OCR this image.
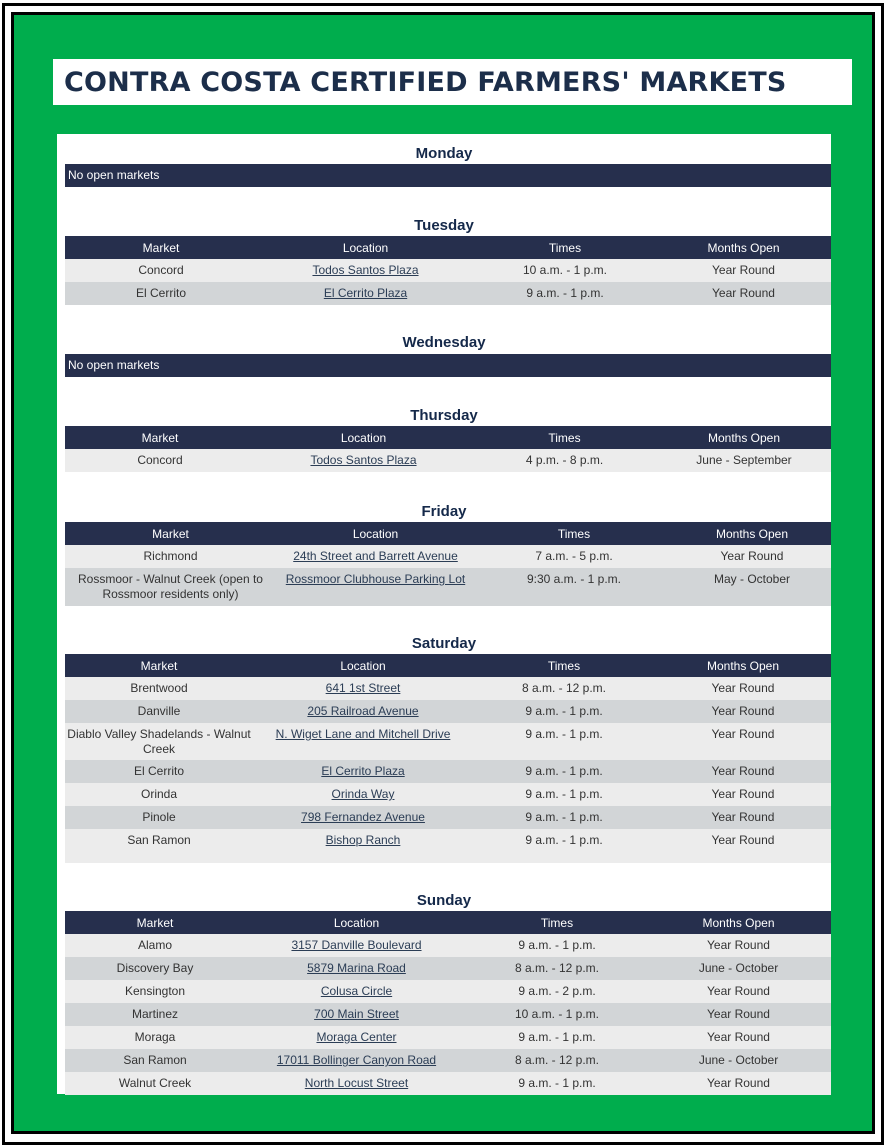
CONTRA COSTA CERTIFIED FARMERS' MARKETS
Monday
No open markets
Tuesday
Market	Location	Times	Months Open
Concord	Todos Santos Plaza	10 a.m. - 1 p.m.	Year Round
El Cerrito	El Cerrito Plaza	9 a.m. - 1 p.m.	Year Round
Wednesday
No open markets
Thursday
Market	Location	Times	Months Open
Concord	Todos Santos Plaza	4 p.m. - 8 p.m.	June - September
Friday
Market	Location	Times	Months Open
Richmond	24th Street and Barrett Avenue	7 a.m. - 5 p.m.	Year Round
Rossmoor - Walnut Creek (open to Rossmoor residents only)	Rossmoor Clubhouse Parking Lot	9:30 a.m. - 1 p.m.	May - October
Saturday
Market	Location	Times	Months Open
Brentwood	641 1st Street	8 a.m. - 12 p.m.	Year Round
Danville	205 Railroad Avenue	9 a.m. - 1 p.m.	Year Round
Diablo Valley Shadelands - Walnut Creek	N. Wiget Lane and Mitchell Drive	9 a.m. - 1 p.m.	Year Round
El Cerrito	El Cerrito Plaza	9 a.m. - 1 p.m.	Year Round
Orinda	Orinda Way	9 a.m. - 1 p.m.	Year Round
Pinole	798 Fernandez Avenue	9 a.m. - 1 p.m.	Year Round
San Ramon	Bishop Ranch	9 a.m. - 1 p.m.	Year Round
Sunday
Market	Location	Times	Months Open
Alamo	3157 Danville Boulevard	9 a.m. - 1 p.m.	Year Round
Discovery Bay	5879 Marina Road	8 a.m. - 12 p.m.	June - October
Kensington	Colusa Circle	9 a.m. - 2 p.m.	Year Round
Martinez	700 Main Street	10 a.m. - 1 p.m.	Year Round
Moraga	Moraga Center	9 a.m. - 1 p.m.	Year Round
San Ramon	17011 Bollinger Canyon Road	8 a.m. - 12 p.m.	June - October
Walnut Creek	North Locust Street	9 a.m. - 1 p.m.	Year Round
